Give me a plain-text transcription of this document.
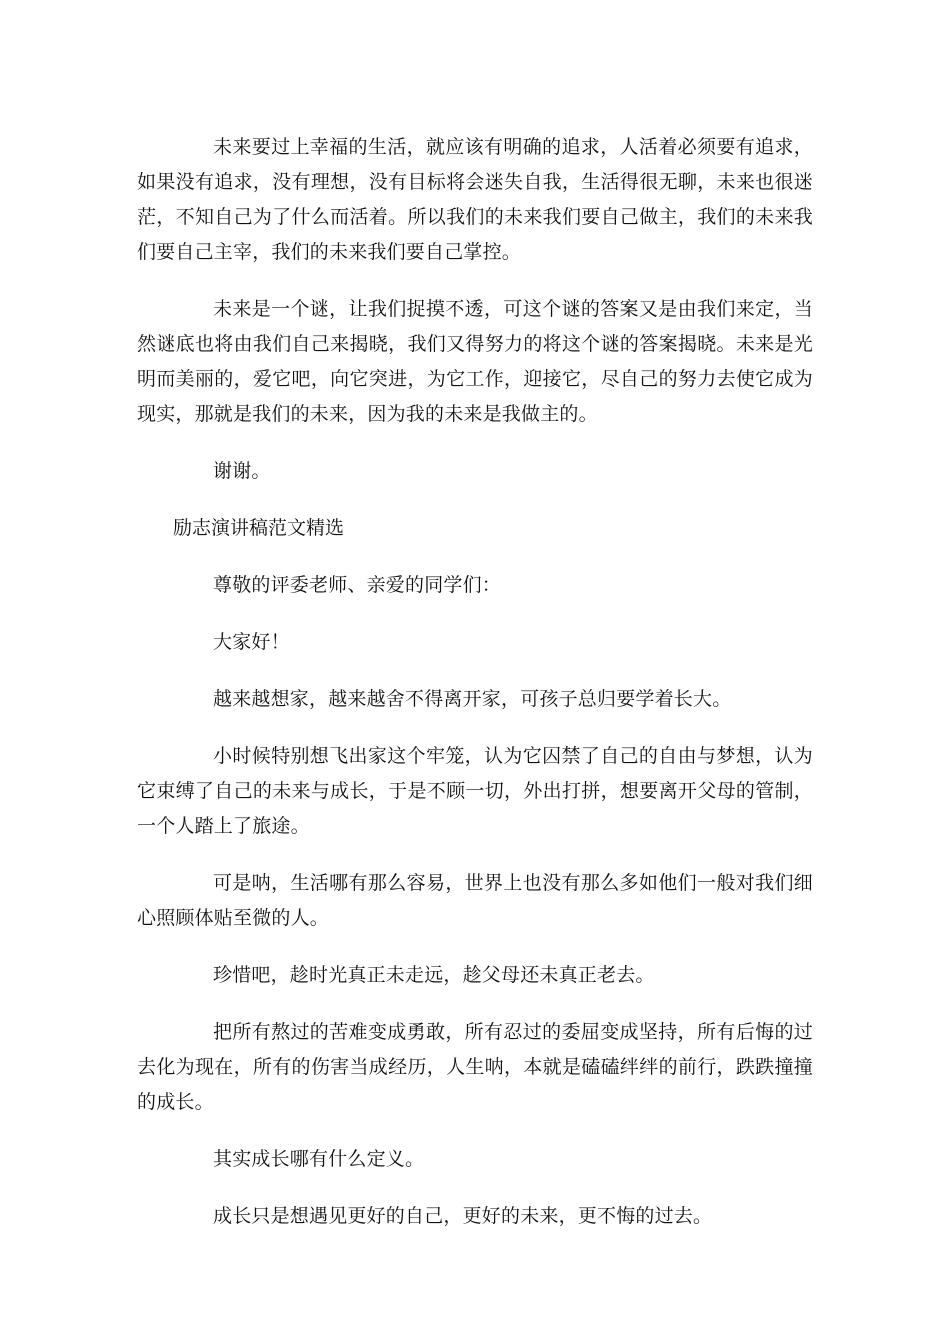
未来要过上幸福的生活，就应该有明确的追求，人活着必须要有追求，如果没有追求，没有理想，没有目标将会迷失自我，生活得很无聊，未来也很迷茫，不知自己为了什么而活着。所以我们的未来我们要自己做主，我们的未来我们要自己主宰，我们的未来我们要自己掌控。

未来是一个谜，让我们捉摸不透，可这个谜的答案又是由我们来定，当然谜底也将由我们自己来揭晓，我们又得努力的将这个谜的答案揭晓。未来是光明而美丽的，爱它吧，向它突进，为它工作，迎接它，尽自己的努力去使它成为现实，那就是我们的未来，因为我的未来是我做主的。

谢谢。

励志演讲稿范文精选

尊敬的评委老师、亲爱的同学们：

大家好！

越来越想家，越来越舍不得离开家，可孩子总归要学着长大。

小时候特别想飞出家这个牢笼，认为它囚禁了自己的自由与梦想，认为它束缚了自己的未来与成长，于是不顾一切，外出打拼，想要离开父母的管制，一个人踏上了旅途。

可是呐，生活哪有那么容易，世界上也没有那么多如他们一般对我们细心照顾体贴至微的人。

珍惜吧，趁时光真正未走远，趁父母还未真正老去。

把所有熬过的苦难变成勇敢，所有忍过的委屈变成坚持，所有后悔的过去化为现在，所有的伤害当成经历，人生呐，本就是磕磕绊绊的前行，跌跌撞撞的成长。

其实成长哪有什么定义。

成长只是想遇见更好的自己，更好的未来，更不悔的过去。
